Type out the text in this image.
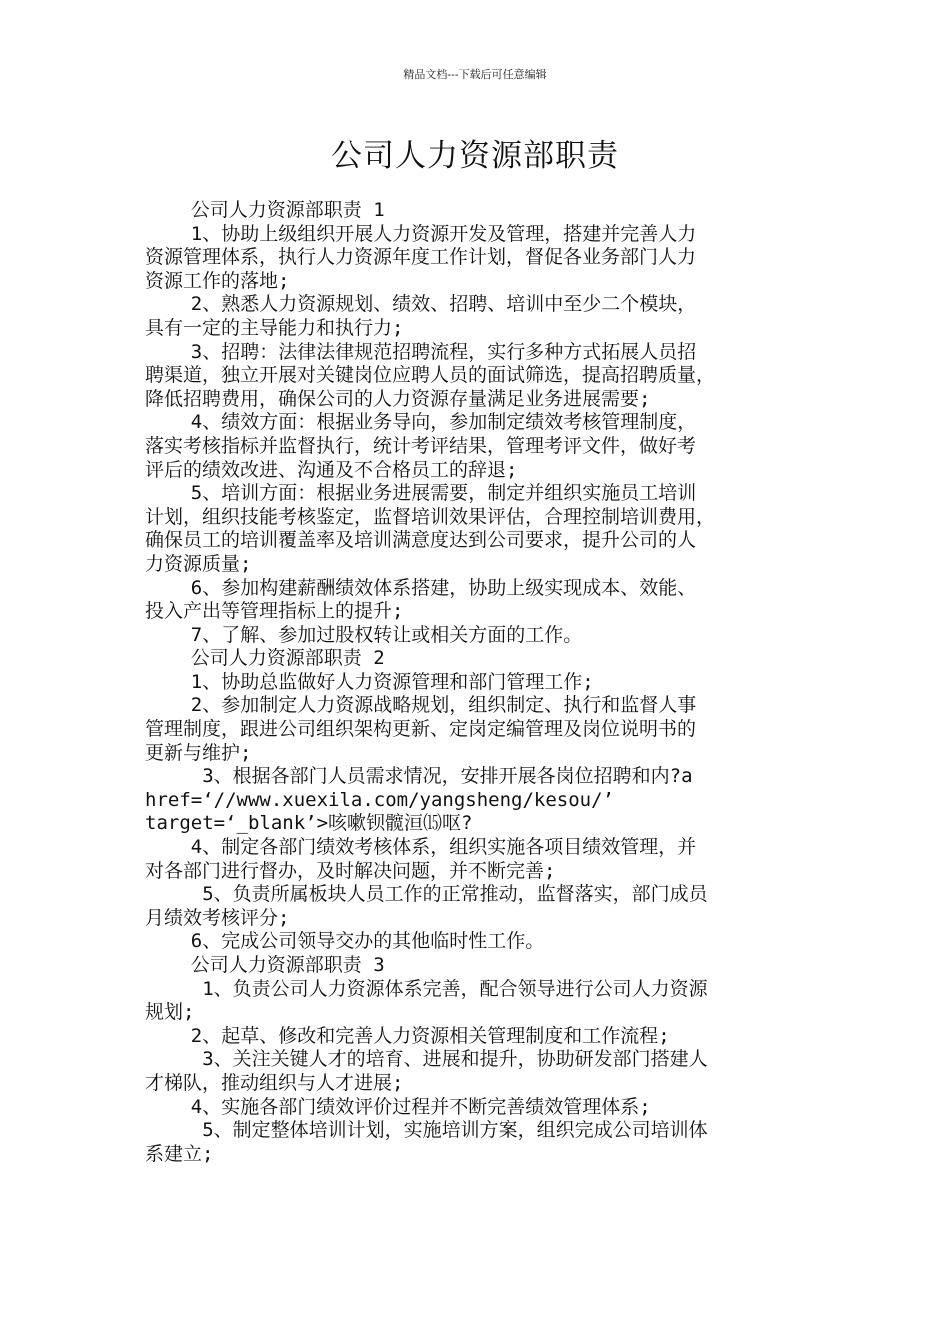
精品文档---下载后可任意编辑
公司人力资源部职责
公司人力资源部职责 1
1、协助上级组织开展人力资源开发及管理，搭建并完善人力
资源管理体系，执行人力资源年度工作计划，督促各业务部门人力
资源工作的落地;
2、熟悉人力资源规划、绩效、招聘、培训中至少二个模块，
具有一定的主导能力和执行力;
3、招聘：法律法律规范招聘流程，实行多种方式拓展人员招
聘渠道，独立开展对关键岗位应聘人员的面试筛选，提高招聘质量，
降低招聘费用，确保公司的人力资源存量满足业务进展需要;
4、绩效方面：根据业务导向，参加制定绩效考核管理制度，
落实考核指标并监督执行，统计考评结果，管理考评文件，做好考
评后的绩效改进、沟通及不合格员工的辞退;
5、培训方面：根据业务进展需要，制定并组织实施员工培训
计划，组织技能考核鉴定，监督培训效果评估，合理控制培训费用，
确保员工的培训覆盖率及培训满意度达到公司要求，提升公司的人
力资源质量;
6、参加构建薪酬绩效体系搭建，协助上级实现成本、效能、
投入产出等管理指标上的提升;
7、了解、参加过股权转让或相关方面的工作。
公司人力资源部职责 2
1、协助总监做好人力资源管理和部门管理工作;
2、参加制定人力资源战略规划，组织制定、执行和监督人事
管理制度，跟进公司组织架构更新、定岗定编管理及岗位说明书的
更新与维护;
3、根据各部门人员需求情况，安排开展各岗位招聘和内?a
href=‘//www.xuexila.com/yangsheng/kesou/’
target=‘_blank’>咳嗽钡髋洹⒂呕?
4、制定各部门绩效考核体系，组织实施各项目绩效管理，并
对各部门进行督办，及时解决问题，并不断完善;
5、负责所属板块人员工作的正常推动，监督落实，部门成员
月绩效考核评分;
6、完成公司领导交办的其他临时性工作。
公司人力资源部职责 3
1、负责公司人力资源体系完善，配合领导进行公司人力资源
规划;
2、起草、修改和完善人力资源相关管理制度和工作流程;
3、关注关键人才的培育、进展和提升，协助研发部门搭建人
才梯队，推动组织与人才进展;
4、实施各部门绩效评价过程并不断完善绩效管理体系;
5、制定整体培训计划，实施培训方案，组织完成公司培训体
系建立;
